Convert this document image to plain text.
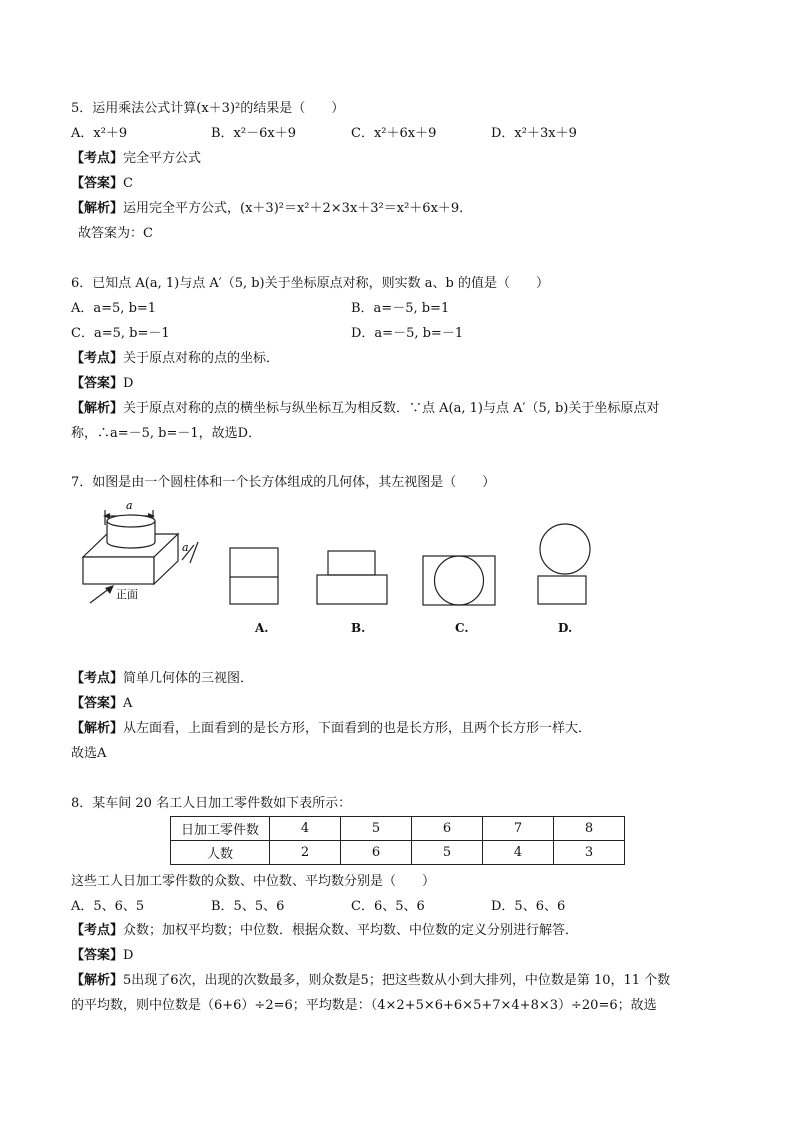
5．运用乘法公式计算(x＋3)²的结果是（　　）
A．x²＋9	B．x²－6x＋9	C．x²＋6x＋9	D．x²＋3x＋9
【考点】完全平方公式
【答案】C
【解析】运用完全平方公式，(x＋3)²＝x²＋2×3x＋3²＝x²＋6x＋9．
故答案为：C
6．已知点 A(a, 1)与点 A′（5, b)关于坐标原点对称，则实数 a、b 的值是（　　）
A．a=5, b=1	B．a=－5, b=1
C．a=5, b=－1	D．a=－5, b=－1
【考点】关于原点对称的点的坐标．
【答案】D
【解析】关于原点对称的点的横坐标与纵坐标互为相反数．∵点 A(a, 1)与点 A′（5, b)关于坐标原点对
称，∴a=－5, b=－1，故选D．
7．如图是由一个圆柱体和一个长方体组成的几何体，其左视图是（　　）
a
a
正面
A.	B.	C.	D.
【考点】简单几何体的三视图．
【答案】A
【解析】从左面看，上面看到的是长方形，下面看到的也是长方形，且两个长方形一样大．
故选A
8．某车间 20 名工人日加工零件数如下表所示：
日加工零件数	4	5	6	7	8
人数	2	6	5	4	3
这些工人日加工零件数的众数、中位数、平均数分别是（　　）
A．5、6、5	B．5、5、6	C．6、5、6	D．5、6、6
【考点】众数；加权平均数；中位数．根据众数、平均数、中位数的定义分别进行解答．
【答案】D
【解析】5出现了6次，出现的次数最多，则众数是5；把这些数从小到大排列，中位数是第 10，11 个数
的平均数，则中位数是（6+6）÷2=6；平均数是：（4×2+5×6+6×5+7×4+8×3）÷20=6；故选
